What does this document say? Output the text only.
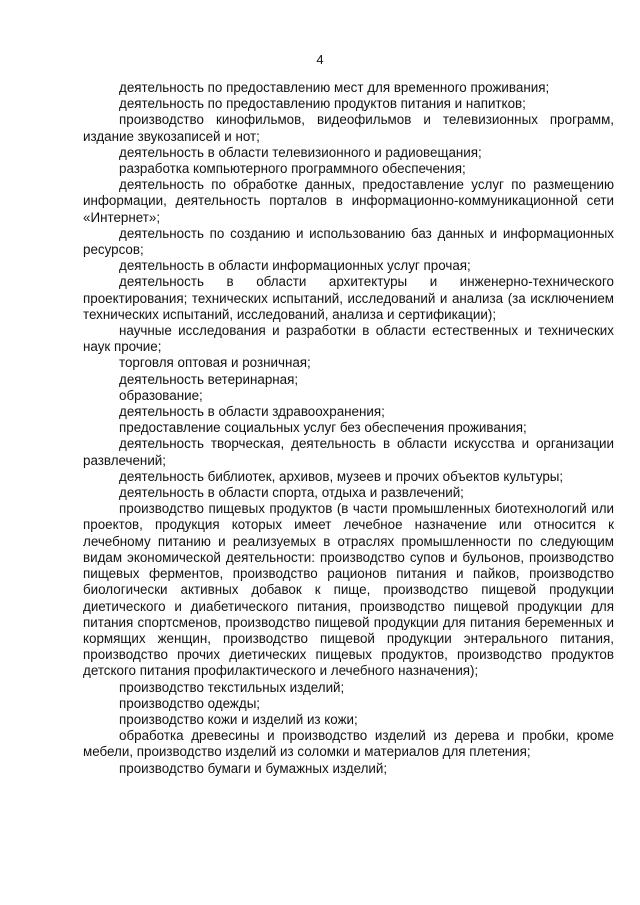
4

деятельность по предоставлению мест для временного проживания;

деятельность по предоставлению продуктов питания и напитков;

производство кинофильмов, видеофильмов и телевизионных программ, издание звукозаписей и нот;

деятельность в области телевизионного и радиовещания;

разработка компьютерного программного обеспечения;

деятельность по обработке данных, предоставление услуг по размещению информации, деятельность порталов в информационно-коммуникационной сети «Интернет»;

деятельность по созданию и использованию баз данных и информационных ресурсов;

деятельность в области информационных услуг прочая;

деятельность в области архитектуры и инженерно-технического проектирования; технических испытаний, исследований и анализа (за исключением технических испытаний, исследований, анализа и сертификации);

научные исследования и разработки в области естественных и технических наук прочие;

торговля оптовая и розничная;

деятельность ветеринарная;

образование;

деятельность в области здравоохранения;

предоставление социальных услуг без обеспечения проживания;

деятельность творческая, деятельность в области искусства и организации развлечений;

деятельность библиотек, архивов, музеев и прочих объектов культуры;

деятельность в области спорта, отдыха и развлечений;

производство пищевых продуктов (в части промышленных биотехнологий или проектов, продукция которых имеет лечебное назначение или относится к лечебному питанию и реализуемых в отраслях промышленности по следующим видам экономической деятельности: производство супов и бульонов, производство пищевых ферментов, производство рационов питания и пайков, производство биологически активных добавок к пище, производство пищевой продукции диетического и диабетического питания, производство пищевой продукции для питания спортсменов, производство пищевой продукции для питания беременных и кормящих женщин, производство пищевой продукции энтерального питания, производство прочих диетических пищевых продуктов, производство продуктов детского питания профилактического и лечебного назначения);

производство текстильных изделий;

производство одежды;

производство кожи и изделий из кожи;

обработка древесины и производство изделий из дерева и пробки, кроме мебели, производство изделий из соломки и материалов для плетения;

производство бумаги и бумажных изделий;
